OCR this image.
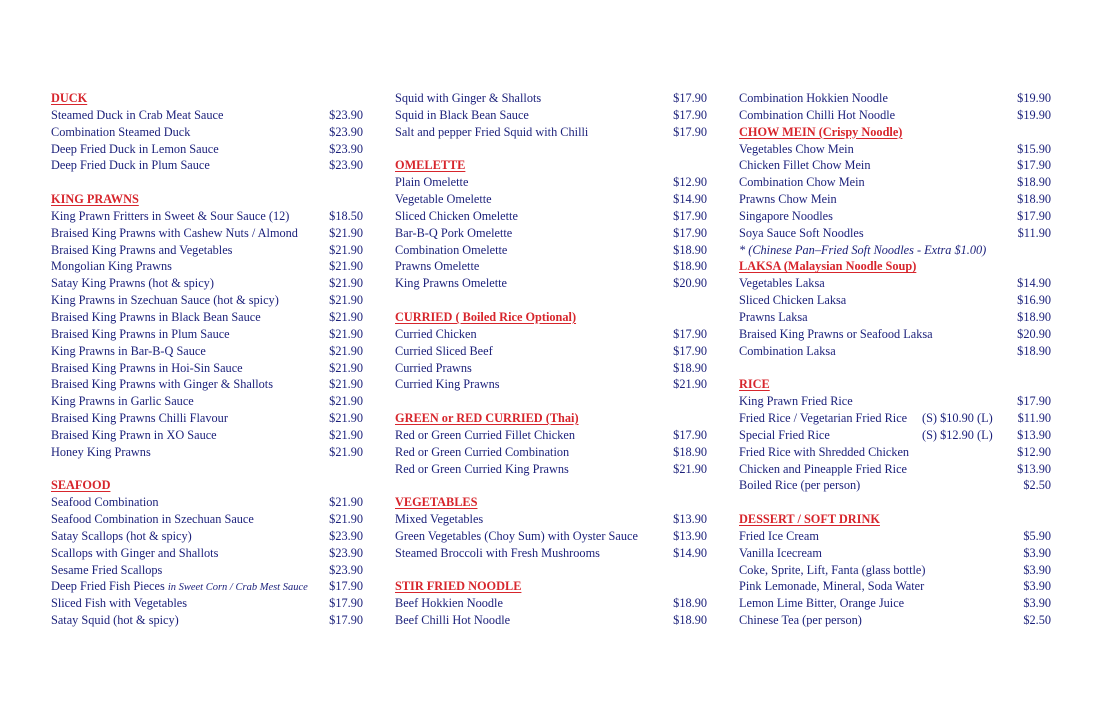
DUCK
Steamed Duck in Crab Meat Sauce	$23.90
Combination Steamed Duck	$23.90
Deep Fried Duck in Lemon Sauce	$23.90
Deep Fried Duck in Plum Sauce	$23.90
KING PRAWNS
King Prawn Fritters in Sweet & Sour Sauce (12)	$18.50
Braised King Prawns with Cashew Nuts / Almond	$21.90
Braised King Prawns and Vegetables	$21.90
Mongolian King Prawns	$21.90
Satay King Prawns (hot & spicy)	$21.90
King Prawns in Szechuan Sauce (hot & spicy)	$21.90
Braised King Prawns in Black Bean Sauce	$21.90
Braised King Prawns in Plum Sauce	$21.90
King Prawns in Bar-B-Q Sauce	$21.90
Braised King Prawns in Hoi-Sin Sauce	$21.90
Braised King Prawns with Ginger & Shallots	$21.90
King Prawns in Garlic Sauce	$21.90
Braised King Prawns Chilli Flavour	$21.90
Braised King Prawn in XO Sauce	$21.90
Honey King Prawns	$21.90
SEAFOOD
Seafood Combination	$21.90
Seafood Combination in Szechuan Sauce	$21.90
Satay Scallops (hot & spicy)	$23.90
Scallops with Ginger and Shallots	$23.90
Sesame Fried Scallops	$23.90
Deep Fried Fish Pieces in Sweet Corn / Crab Mest Sauce $17.90
Sliced Fish with Vegetables	$17.90
Satay Squid (hot & spicy)	$17.90
Squid with Ginger & Shallots	$17.90
Squid in Black Bean Sauce	$17.90
Salt and pepper Fried Squid with Chilli	$17.90
OMELETTE
Plain Omelette	$12.90
Vegetable Omelette	$14.90
Sliced Chicken Omelette	$17.90
Bar-B-Q Pork Omelette	$17.90
Combination Omelette	$18.90
Prawns Omelette	$18.90
King Prawns Omelette	$20.90
CURRIED ( Boiled Rice Optional)
Curried Chicken	$17.90
Curried Sliced Beef	$17.90
Curried Prawns	$18.90
Curried King Prawns	$21.90
GREEN or RED CURRIED (Thai)
Red or Green Curried Fillet Chicken	$17.90
Red or Green Curried Combination	$18.90
Red or Green Curried King Prawns	$21.90
VEGETABLES
Mixed Vegetables	$13.90
Green Vegetables (Choy Sum) with Oyster Sauce	$13.90
Steamed Broccoli with Fresh Mushrooms	$14.90
STIR FRIED NOODLE
Beef Hokkien Noodle	$18.90
Beef Chilli Hot Noodle	$18.90
Combination Hokkien Noodle	$19.90
Combination Chilli Hot Noodle	$19.90
CHOW MEIN (Crispy Noodle)
Vegetables Chow Mein	$15.90
Chicken Fillet Chow Mein	$17.90
Combination Chow Mein	$18.90
Prawns Chow Mein	$18.90
Singapore Noodles	$17.90
Soya Sauce Soft Noodles	$11.90
* (Chinese Pan–Fried Soft Noodles - Extra $1.00)
LAKSA (Malaysian Noodle Soup)
Vegetables Laksa	$14.90
Sliced Chicken Laksa	$16.90
Prawns Laksa	$18.90
Braised King Prawns or Seafood Laksa	$20.90
Combination Laksa	$18.90
RICE
King Prawn Fried Rice	$17.90
Fried Rice / Vegetarian Fried Rice (S) $10.90 (L) $11.90
Special Fried Rice	(S) $12.90 (L) $13.90
Fried Rice with Shredded Chicken	$12.90
Chicken and Pineapple Fried Rice	$13.90
Boiled Rice (per person)	$2.50
DESSERT / SOFT DRINK
Fried Ice Cream	$5.90
Vanilla Icecream	$3.90
Coke, Sprite, Lift, Fanta (glass bottle)	$3.90
Pink Lemonade, Mineral, Soda Water	$3.90
Lemon Lime Bitter, Orange Juice	$3.90
Chinese Tea (per person)	$2.50
